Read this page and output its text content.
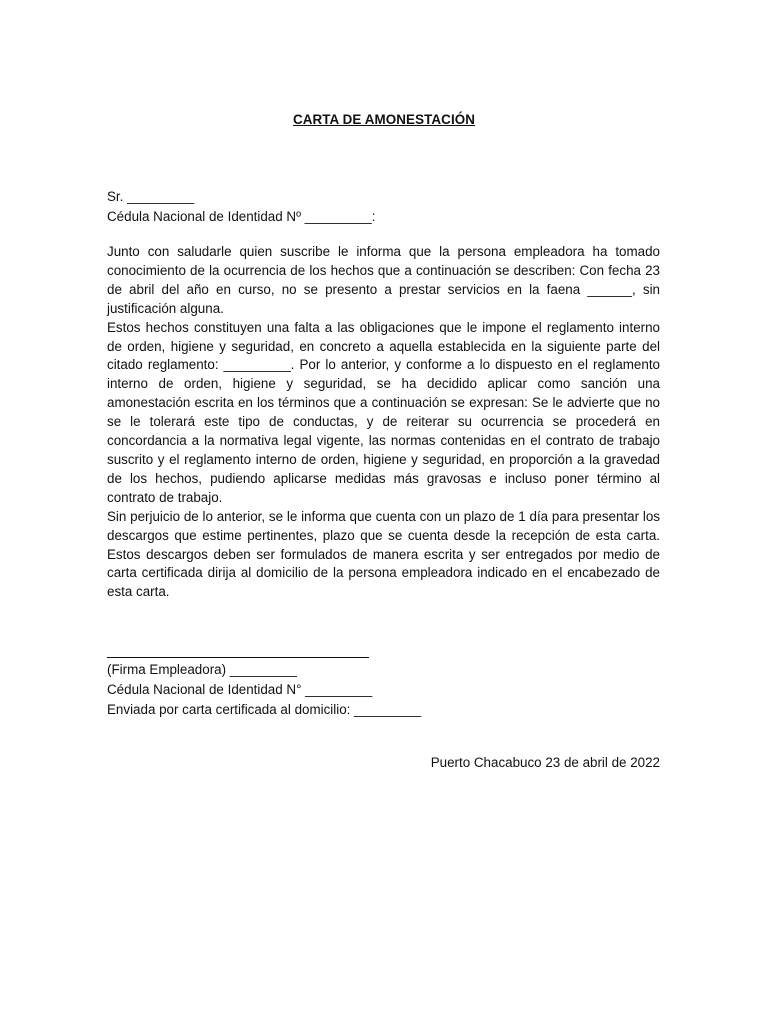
CARTA DE AMONESTACIÓN
Sr. _________
Cédula Nacional de Identidad Nº _________:

Junto con saludarle quien suscribe le informa que la persona empleadora ha tomado conocimiento de la ocurrencia de los hechos que a continuación se describen: Con fecha 23 de abril del año en curso, no se presento a prestar servicios en la faena ______, sin justificación alguna.

Estos hechos constituyen una falta a las obligaciones que le impone el reglamento interno de orden, higiene y seguridad, en concreto a aquella establecida en la siguiente parte del citado reglamento: _________. Por lo anterior, y conforme a lo dispuesto en el reglamento interno de orden, higiene y seguridad, se ha decidido aplicar como sanción una amonestación escrita en los términos que a continuación se expresan: Se le advierte que no se le tolerará este tipo de conductas, y de reiterar su ocurrencia se procederá en concordancia a la normativa legal vigente, las normas contenidas en el contrato de trabajo suscrito y el reglamento interno de orden, higiene y seguridad, en proporción a la gravedad de los hechos, pudiendo aplicarse medidas más gravosas e incluso poner término al contrato de trabajo.

Sin perjuicio de lo anterior, se le informa que cuenta con un plazo de 1 día para presentar los descargos que estime pertinentes, plazo que se cuenta desde la recepción de esta carta. Estos descargos deben ser formulados de manera escrita y ser entregados por medio de carta certificada dirija al domicilio de la persona empleadora indicado en el encabezado de esta carta.

(Firma Empleadora) _________
Cédula Nacional de Identidad N° _________
Enviada por carta certificada al domicilio: _________
Puerto Chacabuco 23 de abril de 2022
